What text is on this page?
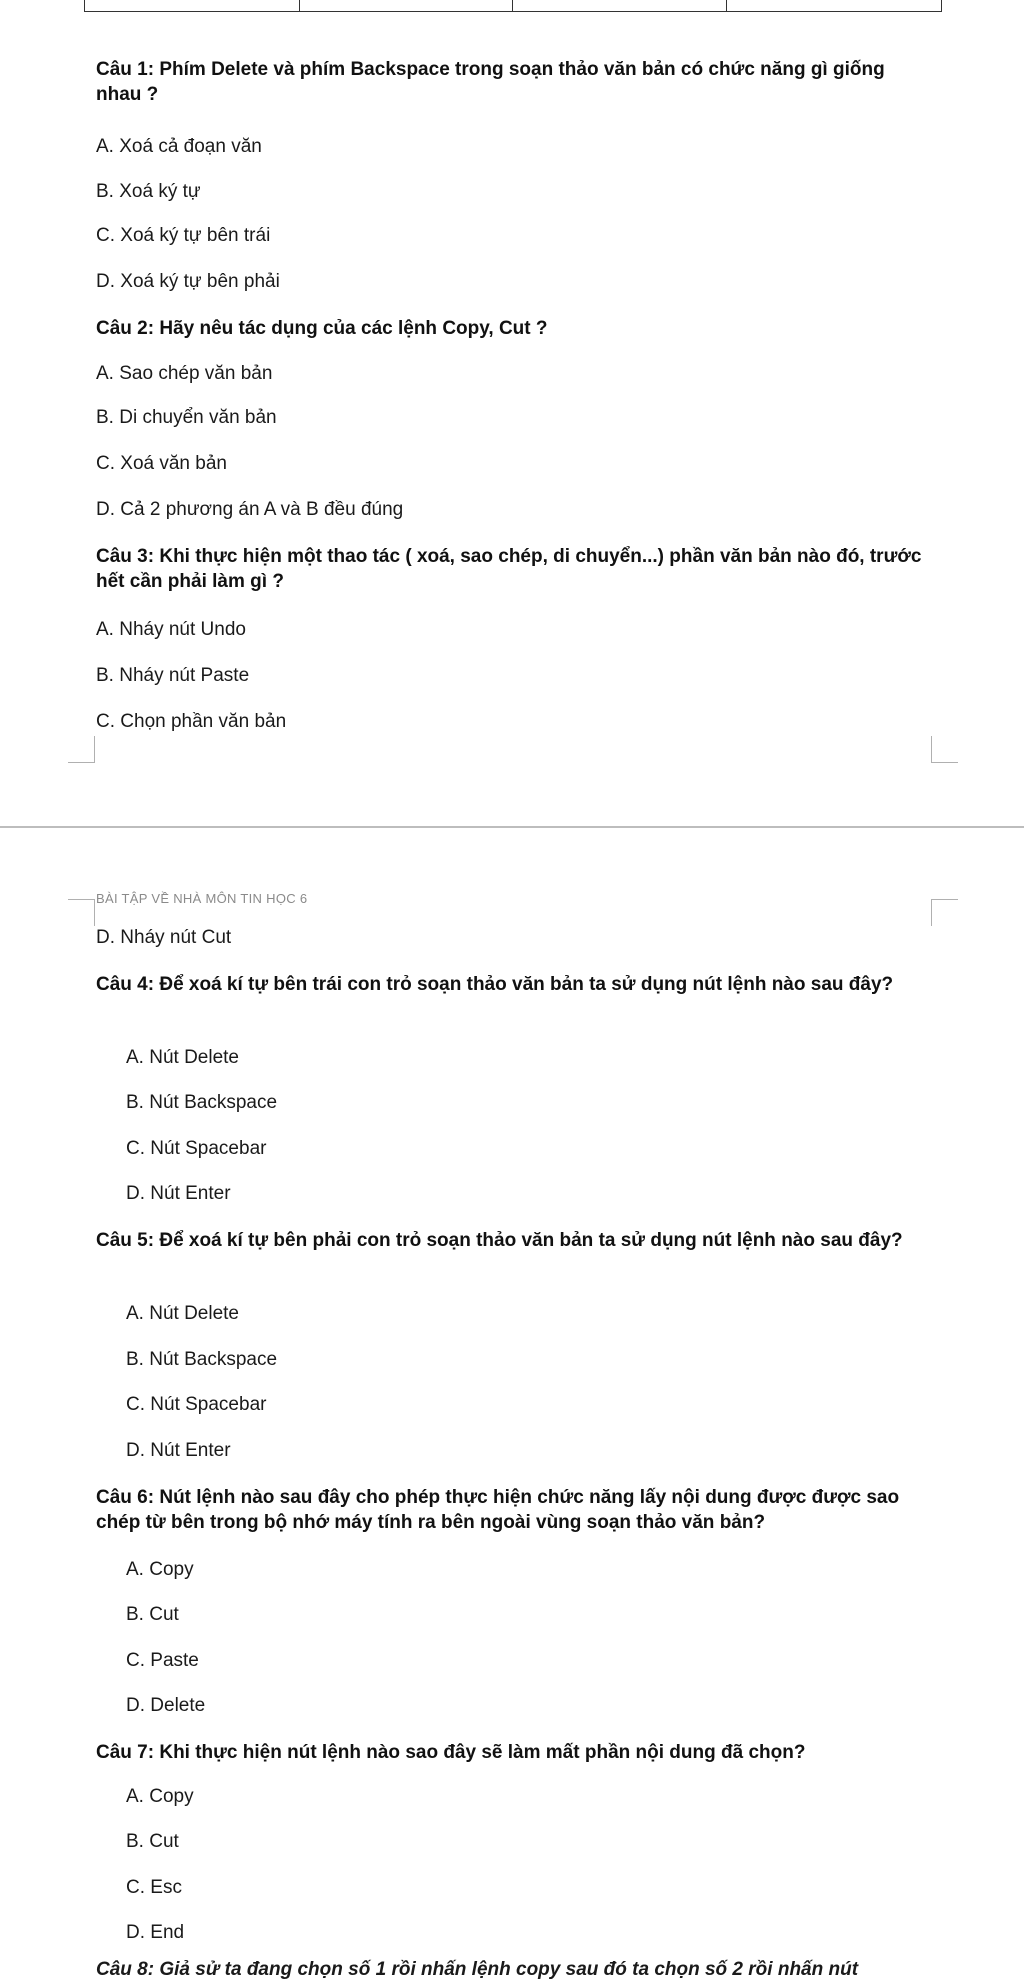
Câu 1: Phím Delete và phím Backspace trong soạn thảo văn bản có chức năng gì giống nhau ?
A. Xoá cả đoạn văn
B. Xoá ký tự
C. Xoá ký tự bên trái
D. Xoá ký tự bên phải
Câu 2: Hãy nêu tác dụng của các lệnh Copy, Cut ?
A. Sao chép văn bản
B. Di chuyển văn bản
C. Xoá văn bản
D. Cả 2 phương án A và B đều đúng
Câu 3: Khi thực hiện một thao tác ( xoá, sao chép, di chuyển...) phần văn bản nào đó, trước hết cần phải làm gì ?
A. Nháy nút Undo
B. Nháy nút Paste
C. Chọn phần văn bản
BÀI TẬP VỀ NHÀ MÔN TIN HỌC 6
D. Nháy nút Cut
Câu 4: Để xoá kí tự bên trái con trỏ soạn thảo văn bản ta sử dụng nút lệnh nào sau đây?
A. Nút Delete
B. Nút Backspace
C. Nút Spacebar
D. Nút Enter
Câu 5: Để xoá kí tự bên phải con trỏ soạn thảo văn bản ta sử dụng nút lệnh nào sau đây?
A. Nút Delete
B. Nút Backspace
C. Nút Spacebar
D. Nút Enter
Câu 6: Nút lệnh nào sau đây cho phép thực hiện chức năng lấy nội dung được được sao chép từ bên trong bộ nhớ máy tính ra bên ngoài vùng soạn thảo văn bản?
A. Copy
B. Cut
C. Paste
D. Delete
Câu 7: Khi thực hiện nút lệnh nào sao đây sẽ làm mất phần nội dung đã chọn?
A. Copy
B. Cut
C. Esc
D. End
Câu 8: Giả sử ta đang chọn số 1 rồi nhấn lệnh copy sau đó ta chọn số 2 rồi nhấn nút
